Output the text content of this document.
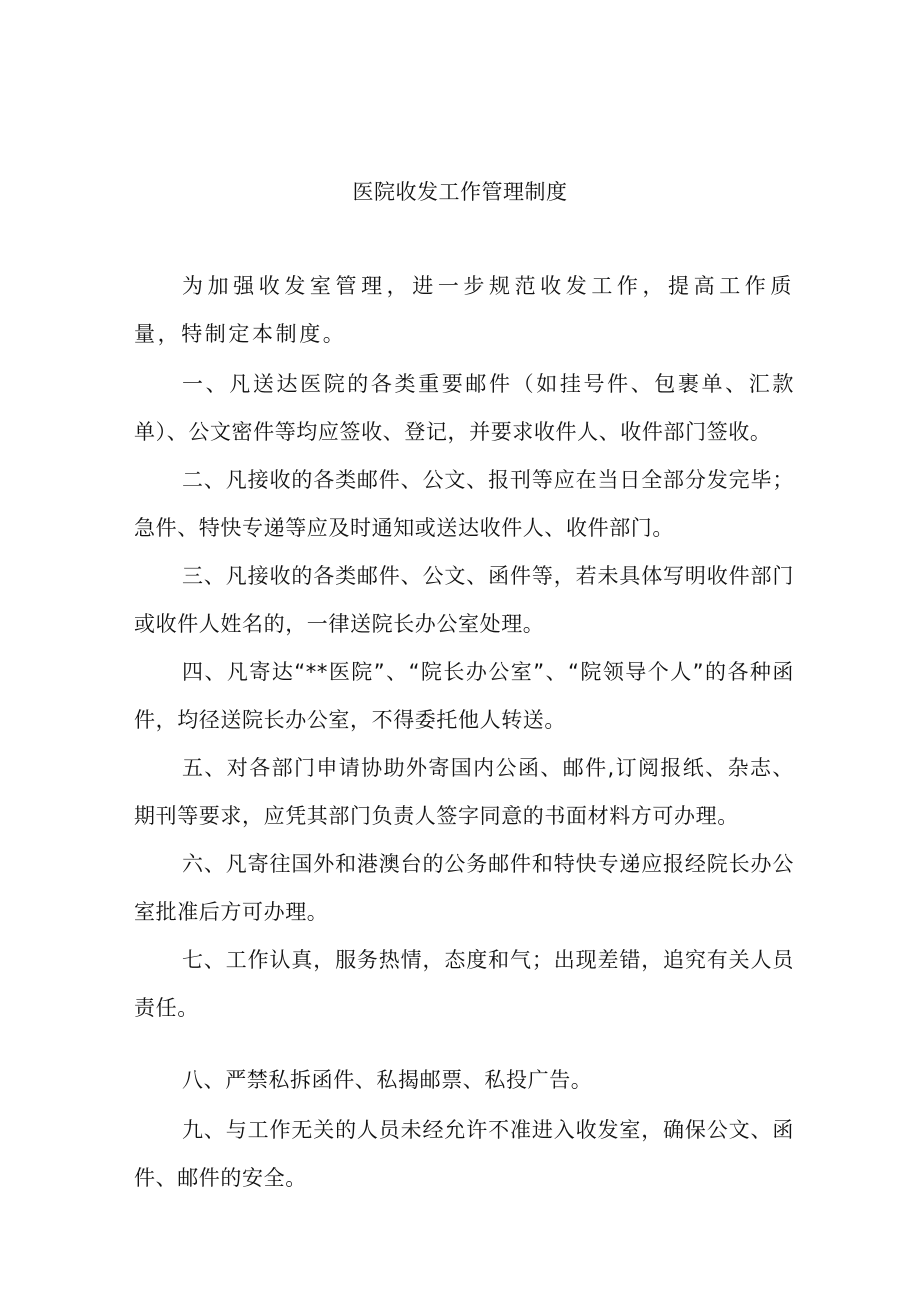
医院收发工作管理制度
为加强收发室管理，进一步规范收发工作，提高工作质量，特制定本制度。
一、凡送达医院的各类重要邮件（如挂号件、包裹单、汇款单）、公文密件等均应签收、登记，并要求收件人、收件部门签收。
二、凡接收的各类邮件、公文、报刊等应在当日全部分发完毕；急件、特快专递等应及时通知或送达收件人、收件部门。
三、凡接收的各类邮件、公文、函件等，若未具体写明收件部门或收件人姓名的，一律送院长办公室处理。
四、凡寄达“**医院”、“院长办公室”、“院领导个人”的各种函件，均径送院长办公室，不得委托他人转送。
五、对各部门申请协助外寄国内公函、邮件,订阅报纸、杂志、期刊等要求，应凭其部门负责人签字同意的书面材料方可办理。
六、凡寄往国外和港澳台的公务邮件和特快专递应报经院长办公室批准后方可办理。
七、工作认真，服务热情，态度和气；出现差错，追究有关人员责任。
八、严禁私拆函件、私揭邮票、私投广告。
九、与工作无关的人员未经允许不准进入收发室，确保公文、函件、邮件的安全。
